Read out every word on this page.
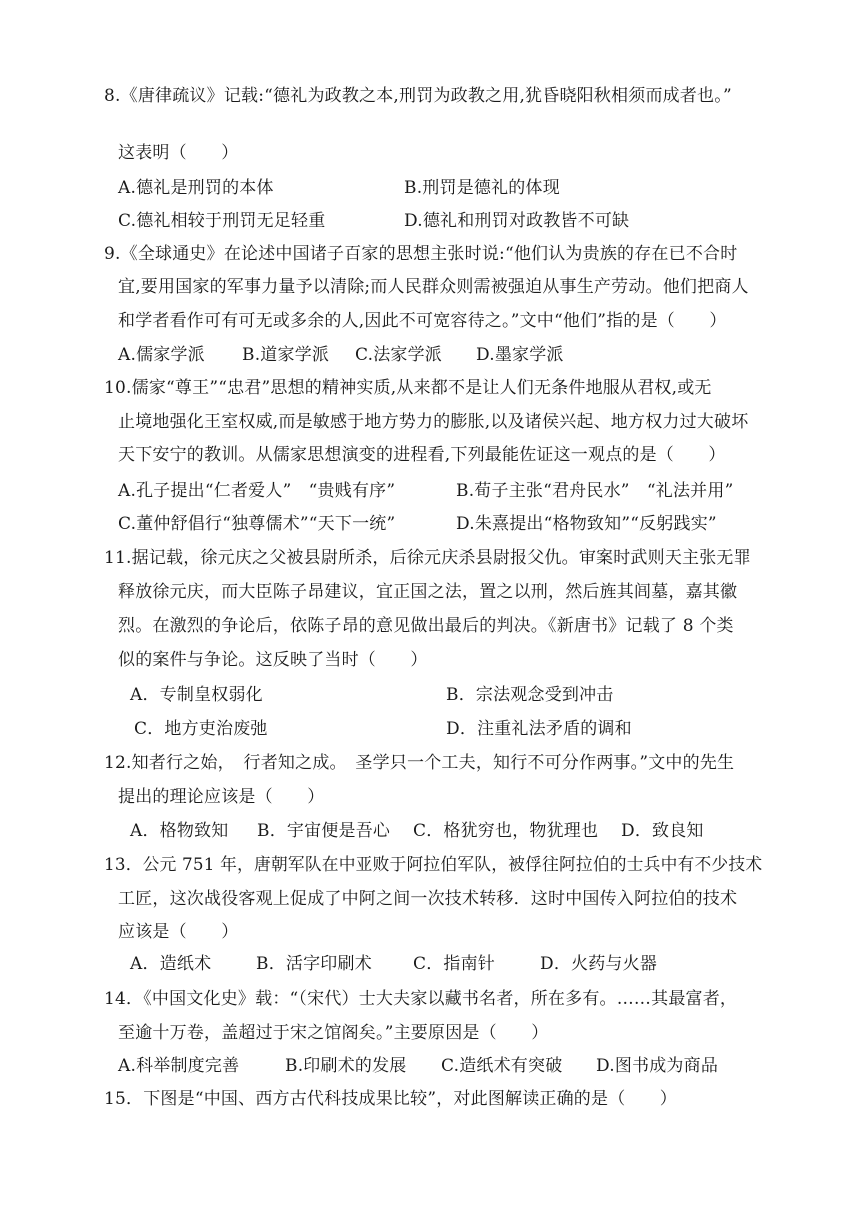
8.《唐律疏议》记载:“德礼为政教之本,刑罚为政教之用,犹昏晓阳秋相须而成者也。”
这表明（　　）
A.德礼是刑罚的本体	B.刑罚是德礼的体现
C.德礼相较于刑罚无足轻重	D.德礼和刑罚对政教皆不可缺
9.《全球通史》在论述中国诸子百家的思想主张时说:“他们认为贵族的存在已不合时
宜,要用国家的军事力量予以清除;而人民群众则需被强迫从事生产劳动。他们把商人
和学者看作可有可无或多余的人,因此不可宽容待之。”文中“他们”指的是（　　）
A.儒家学派 B.道家学派 C.法家学派 D.墨家学派
10.儒家“尊王”“忠君”思想的精神实质,从来都不是让人们无条件地服从君权,或无
止境地强化王室权威,而是敏感于地方势力的膨胀,以及诸侯兴起、地方权力过大破坏
天下安宁的教训。从儒家思想演变的进程看,下列最能佐证这一观点的是（　　）
A.孔子提出“仁者爱人”　“贵贱有序”	B.荀子主张“君舟民水”　“礼法并用”
C.董仲舒倡行“独尊儒术”“天下一统”	D.朱熹提出“格物致知”“反躬践实”
11.据记载，徐元庆之父被县尉所杀，后徐元庆杀县尉报父仇。审案时武则天主张无罪
释放徐元庆，而大臣陈子昂建议，宜正国之法，置之以刑，然后旌其闾墓，嘉其徽
烈。在激烈的争论后，依陈子昂的意见做出最后的判决。《新唐书》记载了 8 个类
似的案件与争论。这反映了当时（　　）
A．专制皇权弱化	B．宗法观念受到冲击
C．地方吏治废弛	D．注重礼法矛盾的调和
12.知者行之始，　行者知之成。　圣学只一个工夫，知行不可分作两事。”文中的先生
提出的理论应该是（　　）
A．格物致知 B．宇宙便是吾心 C．格犹穷也，物犹理也 D．致良知
13．公元 751 年，唐朝军队在中亚败于阿拉伯军队，被俘往阿拉伯的士兵中有不少技术
工匠，这次战役客观上促成了中阿之间一次技术转移．这时中国传入阿拉伯的技术
应该是（　　）
A．造纸术	B．活字印刷术 C．指南针	D．火药与火器
14．《中国文化史》载：“（宋代）士大夫家以藏书名者，所在多有。……其最富者，
至逾十万卷，盖超过于宋之馆阁矣。”主要原因是（　　）
A.科举制度完善	B.印刷术的发展 C.造纸术有突破 D.图书成为商品
15．下图是“中国、西方古代科技成果比较”，对此图解读正确的是（　　）
